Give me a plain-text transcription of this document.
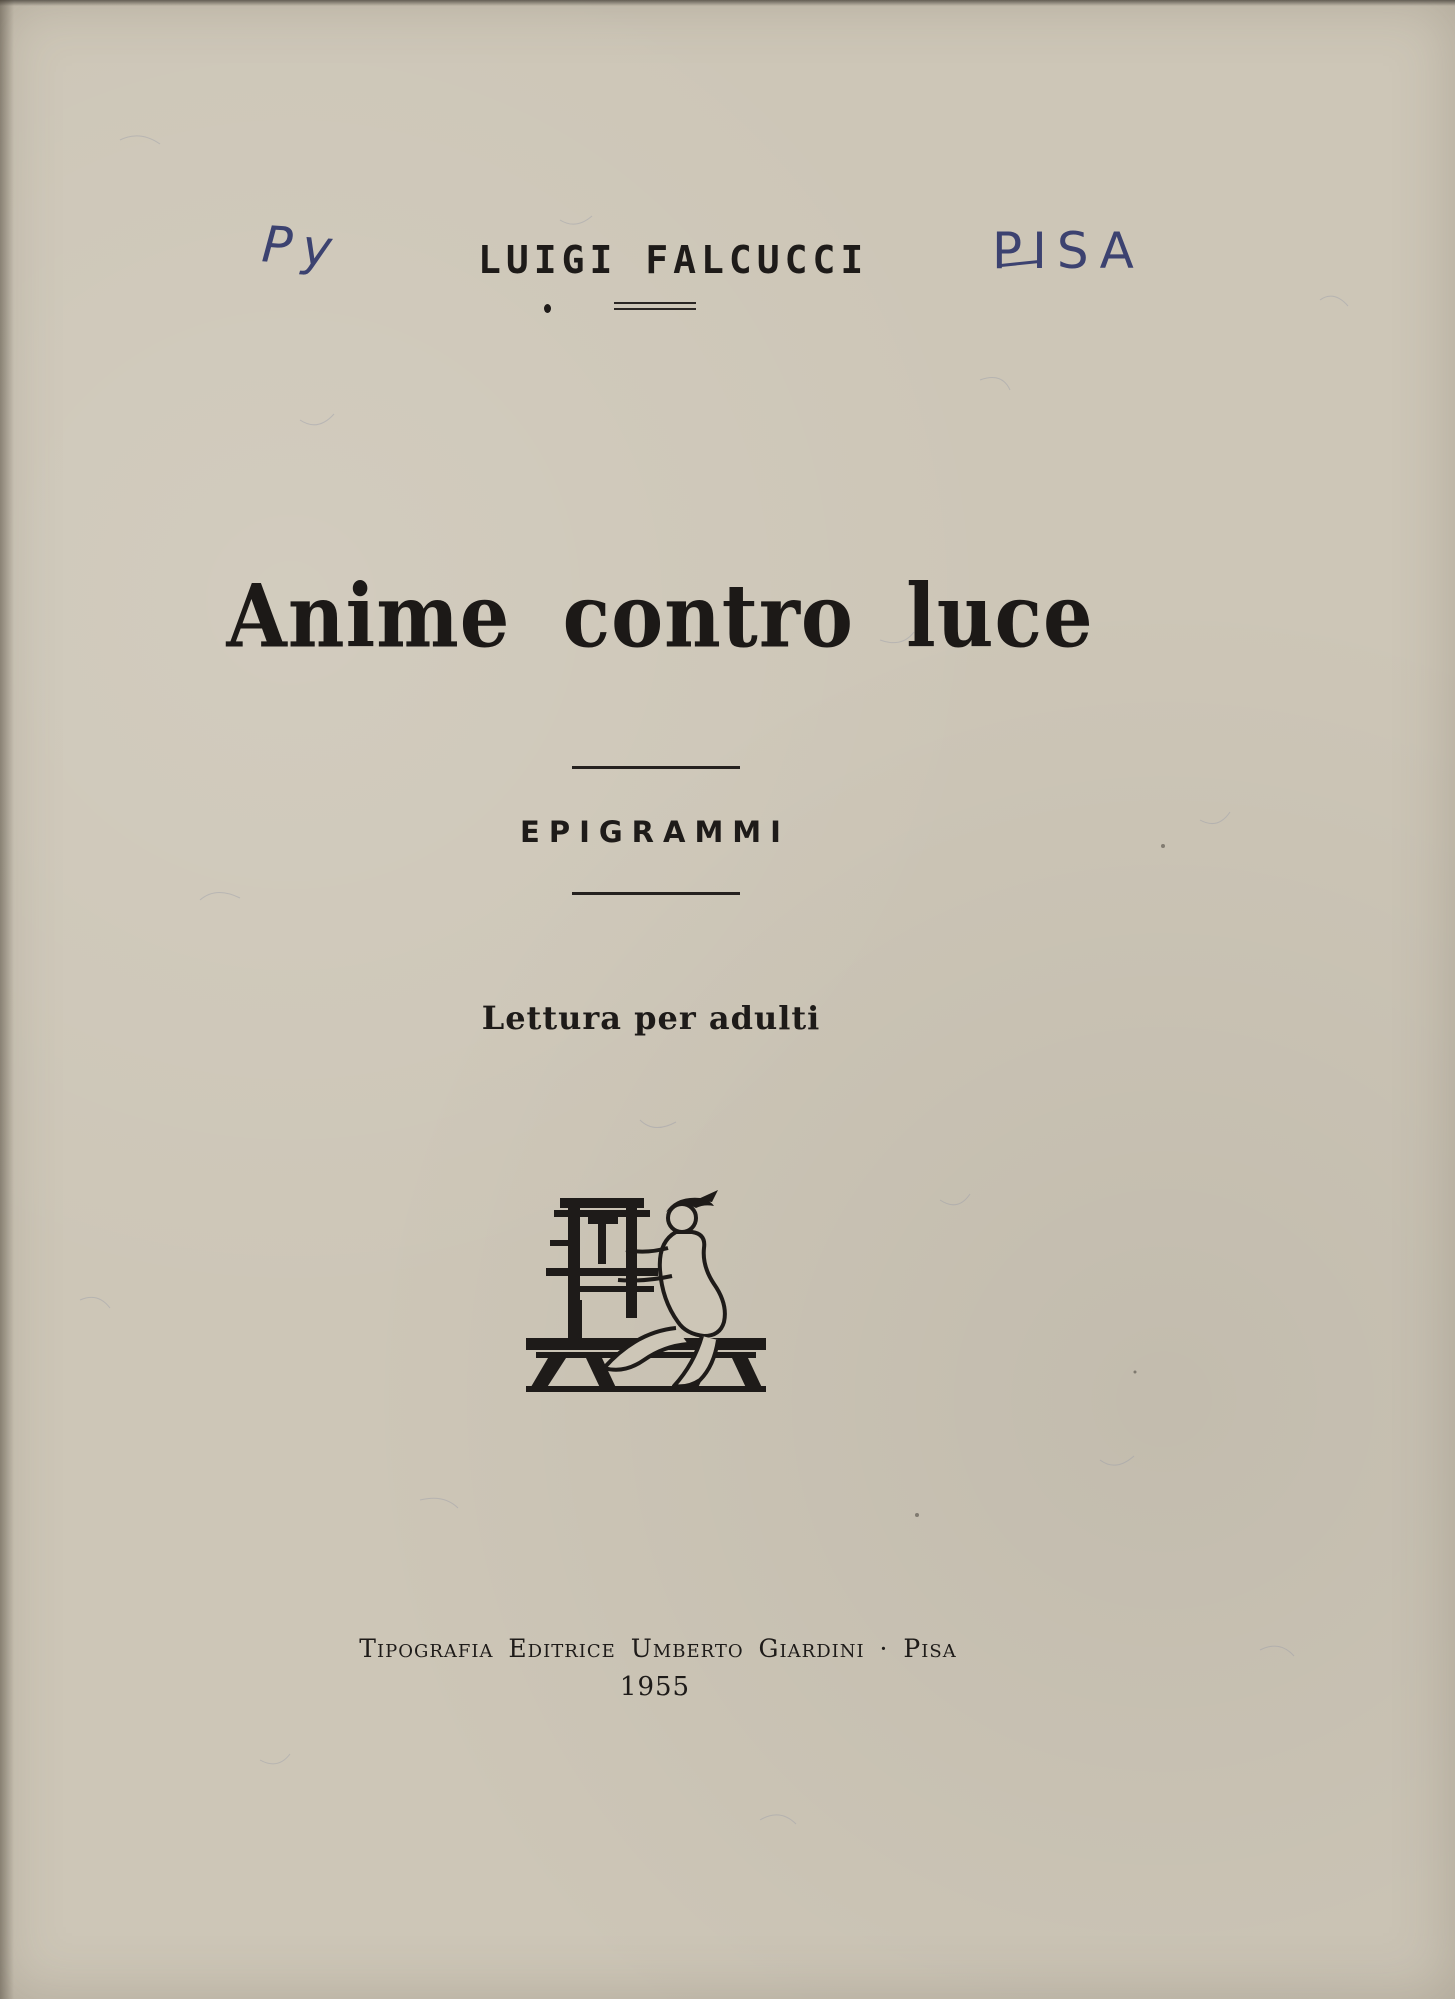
Py	PISA
LUIGI FALCUCCI
Anime contro luce
EPIGRAMMI
Lettura per adulti
Tipografia Editrice Umberto Giardini · Pisa
1955
